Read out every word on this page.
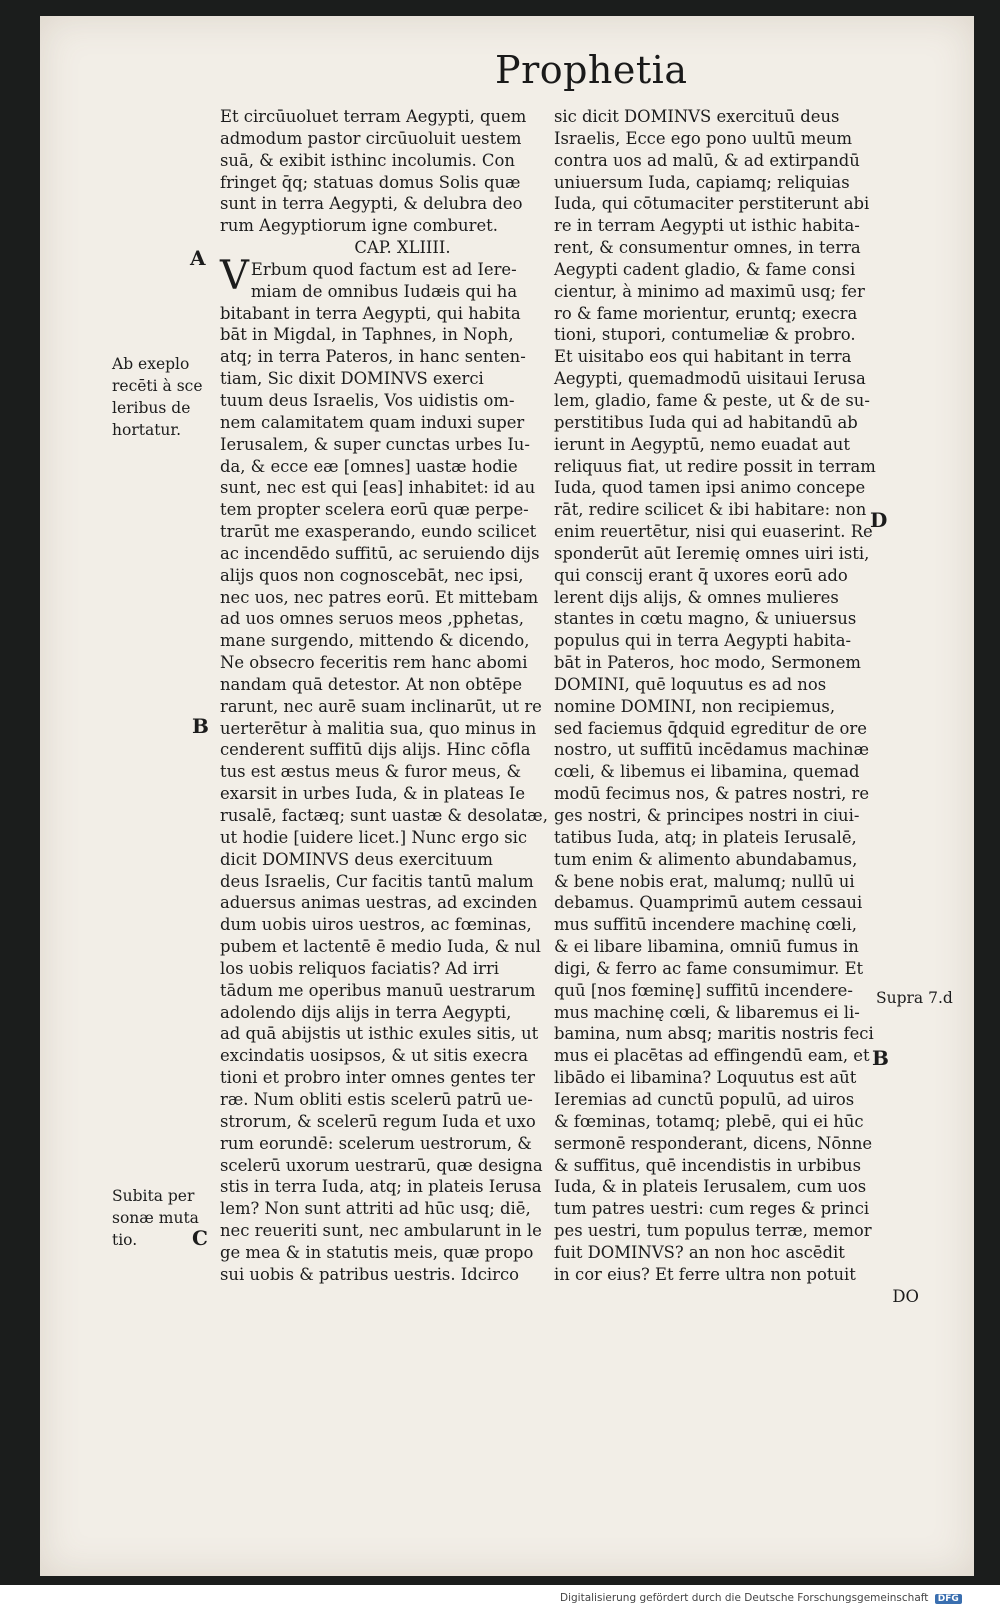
Prophetia
Et circūuoluet terram Aegypti, quem
admodum pastor circūuoluit uestem
suā, & exibit isthinc incolumis. Con
fringet q̄q; statuas domus Solis quæ
sunt in terra Aegypti, & delubra deo
rum Aegyptiorum igne comburet.
CAP. XLIIII.
V Erbum quod factum est ad Iere-
miam de omnibus Iudæis qui ha
bitabant in terra Aegypti, qui habita
bāt in Migdal, in Taphnes, in Noph,
atq; in terra Pateros, in hanc senten-
tiam, Sic dixit DOMINVS exerci
tuum deus Israelis, Vos uidistis om-
nem calamitatem quam induxi super
Ierusalem, & super cunctas urbes Iu-
da, & ecce eæ [omnes] uastæ hodie
sunt, nec est qui [eas] inhabitet: id au
tem propter scelera eorū quæ perpe-
trarūt me exasperando, eundo scilicet
ac incendēdo suffitū, ac seruiendo dijs
alijs quos non cognoscebāt, nec ipsi,
nec uos, nec patres eorū. Et mittebam
ad uos omnes seruos meos ,pphetas,
mane surgendo, mittendo & dicendo,
Ne obsecro feceritis rem hanc abomi
nandam quā detestor. At non obtēpe
rarunt, nec aurē suam inclinarūt, ut re
uerterētur à malitia sua, quo minus in
cenderent suffitū dijs alijs. Hinc cōfla
tus est æstus meus & furor meus, &
exarsit in urbes Iuda, & in plateas Ie
rusalē, factæq; sunt uastæ & desolatæ,
ut hodie [uidere licet.] Nunc ergo sic
dicit DOMINVS deus exercituum
deus Israelis, Cur facitis tantū malum
aduersus animas uestras, ad excinden
dum uobis uiros uestros, ac fœminas,
pubem et lactentē ē medio Iuda, & nul
los uobis reliquos faciatis? Ad irri
tādum me operibus manuū uestrarum
adolendo dijs alijs in terra Aegypti,
ad quā abijstis ut isthic exules sitis, ut
excindatis uosipsos, & ut sitis execra
tioni et probro inter omnes gentes ter
ræ. Num obliti estis scelerū patrū ue-
strorum, & scelerū regum Iuda et uxo
rum eorundē: scelerum uestrorum, &
scelerū uxorum uestrarū, quæ designa
stis in terra Iuda, atq; in plateis Ierusa
lem? Non sunt attriti ad hūc usq; diē,
nec reueriti sunt, nec ambularunt in le
ge mea & in statutis meis, quæ propo
sui uobis & patribus uestris. Idcirco
sic dicit DOMINVS exercituū deus
Israelis, Ecce ego pono uultū meum
contra uos ad malū, & ad extirpandū
uniuersum Iuda, capiamq; reliquias
Iuda, qui cōtumaciter perstiterunt abi
re in terram Aegypti ut isthic habita-
rent, & consumentur omnes, in terra
Aegypti cadent gladio, & fame consi
cientur, à minimo ad maximū usq; fer
ro & fame morientur, eruntq; execra
tioni, stupori, contumeliæ & probro.
Et uisitabo eos qui habitant in terra
Aegypti, quemadmodū uisitaui Ierusa
lem, gladio, fame & peste, ut & de su-
perstitibus Iuda qui ad habitandū ab
ierunt in Aegyptū, nemo euadat aut
reliquus fiat, ut redire possit in terram
Iuda, quod tamen ipsi animo concepe
rāt, redire scilicet & ibi habitare: non
enim reuertētur, nisi qui euaserint. Re
sponderūt aūt Ieremię omnes uiri isti,
qui conscij erant q̄ uxores eorū ado
lerent dijs alijs, & omnes mulieres
stantes in cœtu magno, & uniuersus
populus qui in terra Aegypti habita-
bāt in Pateros, hoc modo, Sermonem
DOMINI, quē loquutus es ad nos
nomine DOMINI, non recipiemus,
sed faciemus q̄dquid egreditur de ore
nostro, ut suffitū incēdamus machinæ
cœli, & libemus ei libamina, quemad
modū fecimus nos, & patres nostri, re
ges nostri, & principes nostri in ciui-
tatibus Iuda, atq; in plateis Ierusalē,
tum enim & alimento abundabamus,
& bene nobis erat, malumq; nullū ui
debamus. Quamprimū autem cessaui
mus suffitū incendere machinę cœli,
& ei libare libamina, omniū fumus in
digi, & ferro ac fame consumimur. Et
quū [nos fœminę] suffitū incendere-
mus machinę cœli, & libaremus ei li-
bamina, num absq; maritis nostris feci
mus ei placētas ad effingendū eam, et
libādo ei libamina? Loquutus est aūt
Ieremias ad cunctū populū, ad uiros
& fœminas, totamq; plebē, qui ei hūc
sermonē responderant, dicens, Nōnne
& suffitus, quē incendistis in urbibus
Iuda, & in plateis Ierusalem, cum uos
tum patres uestri: cum reges & princi
pes uestri, tum populus terræ, memor
fuit DOMINVS? an non hoc ascēdit
in cor eius? Et ferre ultra non potuit
DO
A
B
C
D
B
Ab exeplo
recēti à sce
leribus de
hortatur.
Subita per
sonæ muta
tio.
Supra 7.d
Digitalisierung gefördert durch die Deutsche Forschungsgemeinschaft DFG
